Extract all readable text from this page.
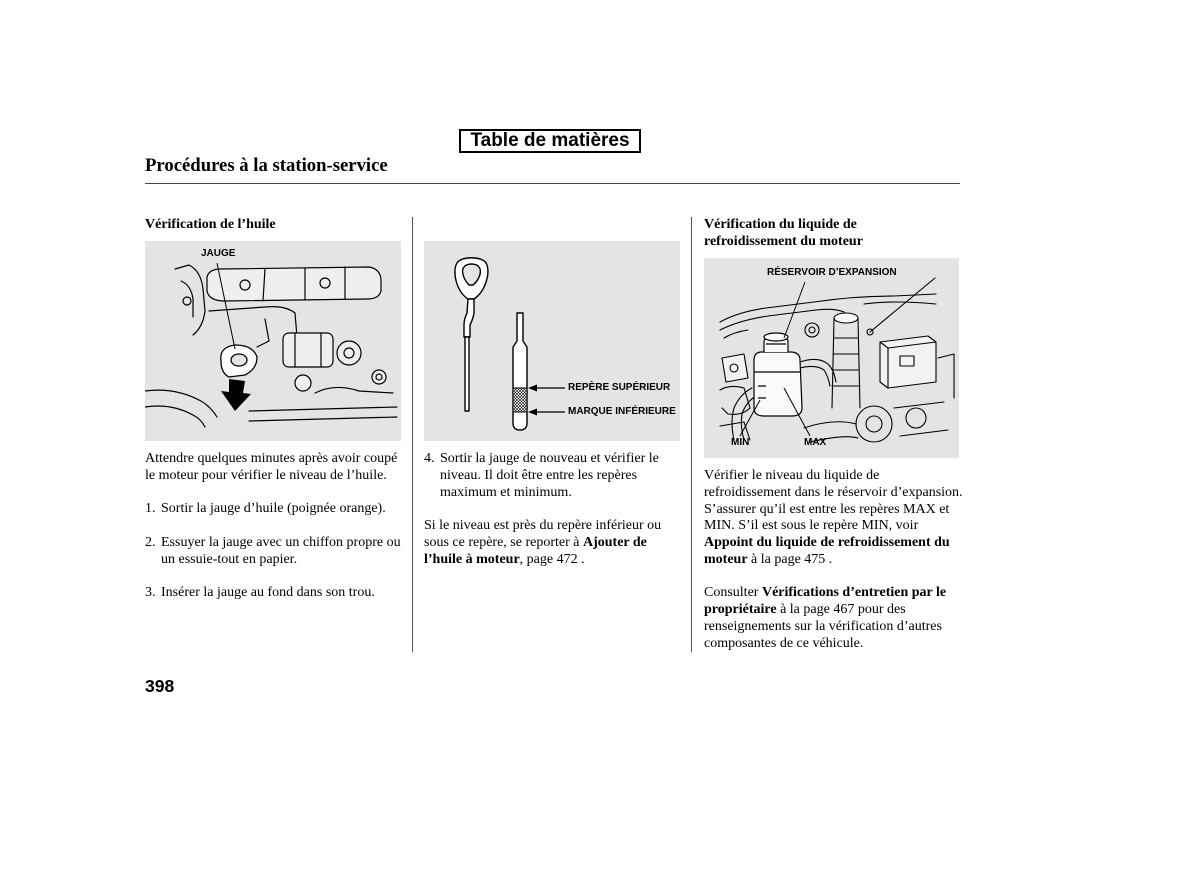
Table de matières
Procédures à la station-service
Vérification de l’huile
JAUGE
Attendre quelques minutes après avoir coupé
le moteur pour vérifier le niveau de l’huile.
1. Sortir la jauge d’huile (poignée orange).
2. Essuyer la jauge avec un chiffon propre ou
un essuie-tout en papier.
3. Insérer la jauge au fond dans son trou.
REPÈRE SUPÉRIEUR
MARQUE INFÉRIEURE
4. Sortir la jauge de nouveau et vérifier le
niveau. Il doit être entre les repères
maximum et minimum.
Si le niveau est près du repère inférieur ou
sous ce repère, se reporter à Ajouter de
l’huile à moteur, page 472 .
Vérification du liquide de
refroidissement du moteur
RÉSERVOIR D’EXPANSION
MIN	MAX
Vérifier le niveau du liquide de
refroidissement dans le réservoir d’expansion.
S’assurer qu’il est entre les repères MAX et
MIN. S’il est sous le repère MIN, voir
Appoint du liquide de refroidissement du
moteur à la page 475 .
Consulter Vérifications d’entretien par le
propriétaire à la page 467 pour des
renseignements sur la vérification d’autres
composantes de ce véhicule.
398
